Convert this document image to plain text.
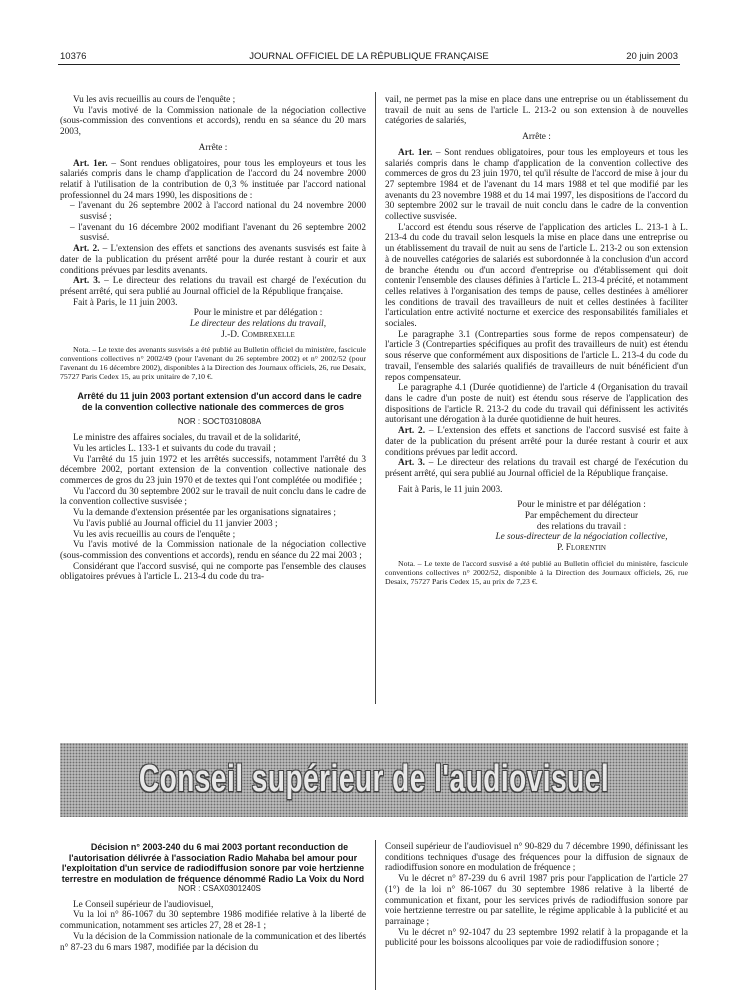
10376	JOURNAL OFFICIEL DE LA RÉPUBLIQUE FRANÇAISE	20 juin 2003

Vu les avis recueillis au cours de l'enquête ;

Vu l'avis motivé de la Commission nationale de la négociation collective (sous-commission des conventions et accords), rendu en sa séance du 20 mars 2003,

Arrête :

Art. 1er. – Sont rendues obligatoires, pour tous les employeurs et tous les salariés compris dans le champ d'application de l'accord du 24 novembre 2000 relatif à l'utilisation de la contribution de 0,3 % instituée par l'accord national professionnel du 24 mars 1990, les dispositions de :

– l'avenant du 26 septembre 2002 à l'accord national du 24 novembre 2000 susvisé ;

– l'avenant du 16 décembre 2002 modifiant l'avenant du 26 septembre 2002 susvisé.

Art. 2. – L'extension des effets et sanctions des avenants susvisés est faite à dater de la publication du présent arrêté pour la durée restant à courir et aux conditions prévues par lesdits avenants.

Art. 3. – Le directeur des relations du travail est chargé de l'exécution du présent arrêté, qui sera publié au Journal officiel de la République française.

Fait à Paris, le 11 juin 2003.

Pour le ministre et par délégation :

Le directeur des relations du travail,

J.-D. Combrexelle

Nota. – Le texte des avenants susvisés a été publié au Bulletin officiel du ministère, fascicule conventions collectives n° 2002/49 (pour l'avenant du 26 septembre 2002) et n° 2002/52 (pour l'avenant du 16 décembre 2002), disponibles à la Direction des Journaux officiels, 26, rue Desaix, 75727 Paris Cedex 15, au prix unitaire de 7,10 €.

Arrêté du 11 juin 2003 portant extension d'un accord dans le cadre de la convention collective nationale des commerces de gros

NOR : SOCT0310808A

Le ministre des affaires sociales, du travail et de la solidarité,

Vu les articles L. 133-1 et suivants du code du travail ;

Vu l'arrêté du 15 juin 1972 et les arrêtés successifs, notamment l'arrêté du 3 décembre 2002, portant extension de la convention collective nationale des commerces de gros du 23 juin 1970 et de textes qui l'ont complétée ou modifiée ;

Vu l'accord du 30 septembre 2002 sur le travail de nuit conclu dans le cadre de la convention collective susvisée ;

Vu la demande d'extension présentée par les organisations signataires ;

Vu l'avis publié au Journal officiel du 11 janvier 2003 ;

Vu les avis recueillis au cours de l'enquête ;

Vu l'avis motivé de la Commission nationale de la négociation collective (sous-commission des conventions et accords), rendu en séance du 22 mai 2003 ;

Considérant que l'accord susvisé, qui ne comporte pas l'ensemble des clauses obligatoires prévues à l'article L. 213-4 du code du tra-

vail, ne permet pas la mise en place dans une entreprise ou un établissement du travail de nuit au sens de l'article L. 213-2 ou son extension à de nouvelles catégories de salariés,

Arrête :

Art. 1er. – Sont rendues obligatoires, pour tous les employeurs et tous les salariés compris dans le champ d'application de la convention collective des commerces de gros du 23 juin 1970, tel qu'il résulte de l'accord de mise à jour du 27 septembre 1984 et de l'avenant du 14 mars 1988 et tel que modifié par les avenants du 23 novembre 1988 et du 14 mai 1997, les dispositions de l'accord du 30 septembre 2002 sur le travail de nuit conclu dans le cadre de la convention collective susvisée.

L'accord est étendu sous réserve de l'application des articles L. 213-1 à L. 213-4 du code du travail selon lesquels la mise en place dans une entreprise ou un établissement du travail de nuit au sens de l'article L. 213-2 ou son extension à de nouvelles catégories de salariés est subordonnée à la conclusion d'un accord de branche étendu ou d'un accord d'entreprise ou d'établissement qui doit contenir l'ensemble des clauses définies à l'article L. 213-4 précité, et notamment celles relatives à l'organisation des temps de pause, celles destinées à améliorer les conditions de travail des travailleurs de nuit et celles destinées à faciliter l'articulation entre activité nocturne et exercice des responsabilités familiales et sociales.

Le paragraphe 3.1 (Contreparties sous forme de repos compensateur) de l'article 3 (Contreparties spécifiques au profit des travailleurs de nuit) est étendu sous réserve que conformément aux dispositions de l'article L. 213-4 du code du travail, l'ensemble des salariés qualifiés de travailleurs de nuit bénéficient d'un repos compensateur.

Le paragraphe 4.1 (Durée quotidienne) de l'article 4 (Organisation du travail dans le cadre d'un poste de nuit) est étendu sous réserve de l'application des dispositions de l'article R. 213-2 du code du travail qui définissent les activités autorisant une dérogation à la durée quotidienne de huit heures.

Art. 2. – L'extension des effets et sanctions de l'accord susvisé est faite à dater de la publication du présent arrêté pour la durée restant à courir et aux conditions prévues par ledit accord.

Art. 3. – Le directeur des relations du travail est chargé de l'exécution du présent arrêté, qui sera publié au Journal officiel de la République française.

Fait à Paris, le 11 juin 2003.

Pour le ministre et par délégation :

Par empêchement du directeur

des relations du travail :

Le sous-directeur de la négociation collective,

P. Florentin

Nota. – Le texte de l'accord susvisé a été publié au Bulletin officiel du ministère, fascicule conventions collectives n° 2002/52, disponible à la Direction des Journaux officiels, 26, rue Desaix, 75727 Paris Cedex 15, au prix de 7,23 €.

Conseil supérieur de l'audiovisuel

Décision n° 2003-240 du 6 mai 2003 portant reconduction de l'autorisation délivrée à l'association Radio Mahaba bel amour pour l'exploitation d'un service de radiodiffusion sonore par voie hertzienne terrestre en modulation de fréquence dénommé Radio La Voix du Nord

NOR : CSAX0301240S

Le Conseil supérieur de l'audiovisuel,

Vu la loi n° 86-1067 du 30 septembre 1986 modifiée relative à la liberté de communication, notamment ses articles 27, 28 et 28-1 ;

Vu la décision de la Commission nationale de la communication et des libertés n° 87-23 du 6 mars 1987, modifiée par la décision du

Conseil supérieur de l'audiovisuel n° 90-829 du 7 décembre 1990, définissant les conditions techniques d'usage des fréquences pour la diffusion de signaux de radiodiffusion sonore en modulation de fréquence ;

Vu le décret n° 87-239 du 6 avril 1987 pris pour l'application de l'article 27 (1°) de la loi n° 86-1067 du 30 septembre 1986 relative à la liberté de communication et fixant, pour les services privés de radiodiffusion sonore par voie hertzienne terrestre ou par satellite, le régime applicable à la publicité et au parrainage ;

Vu le décret n° 92-1047 du 23 septembre 1992 relatif à la propagande et la publicité pour les boissons alcooliques par voie de radiodiffusion sonore ;
